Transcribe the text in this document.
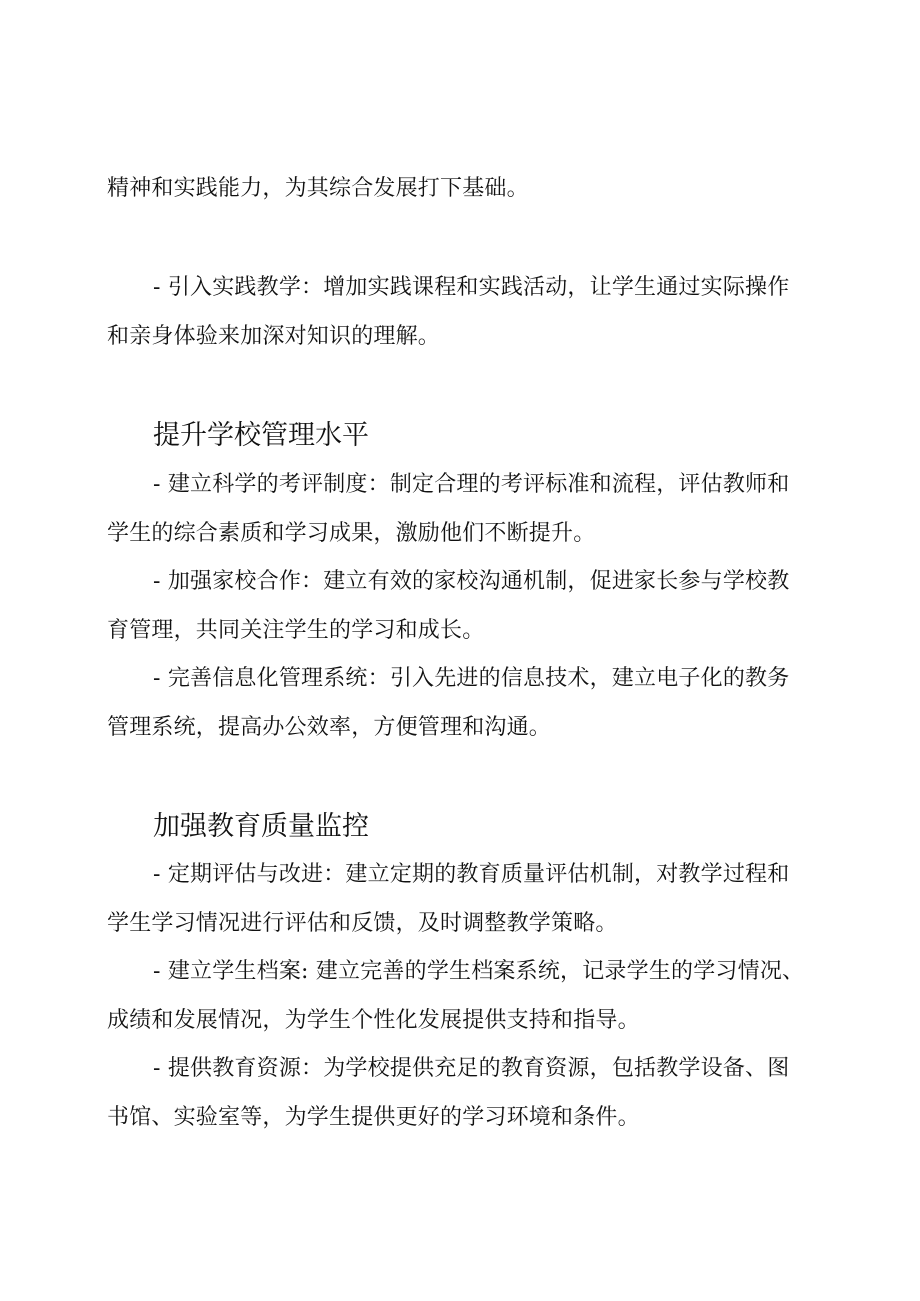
精神和实践能力，为其综合发展打下基础。
- 引入实践教学：增加实践课程和实践活动，让学生通过实际操作
和亲身体验来加深对知识的理解。
提升学校管理水平
- 建立科学的考评制度：制定合理的考评标准和流程，评估教师和
学生的综合素质和学习成果，激励他们不断提升。
- 加强家校合作：建立有效的家校沟通机制，促进家长参与学校教
育管理，共同关注学生的学习和成长。
- 完善信息化管理系统：引入先进的信息技术，建立电子化的教务
管理系统，提高办公效率，方便管理和沟通。
加强教育质量监控
- 定期评估与改进：建立定期的教育质量评估机制，对教学过程和
学生学习情况进行评估和反馈，及时调整教学策略。
- 建立学生档案: 建立完善的学生档案系统，记录学生的学习情况、
成绩和发展情况，为学生个性化发展提供支持和指导。
- 提供教育资源：为学校提供充足的教育资源，包括教学设备、图
书馆、实验室等，为学生提供更好的学习环境和条件。
